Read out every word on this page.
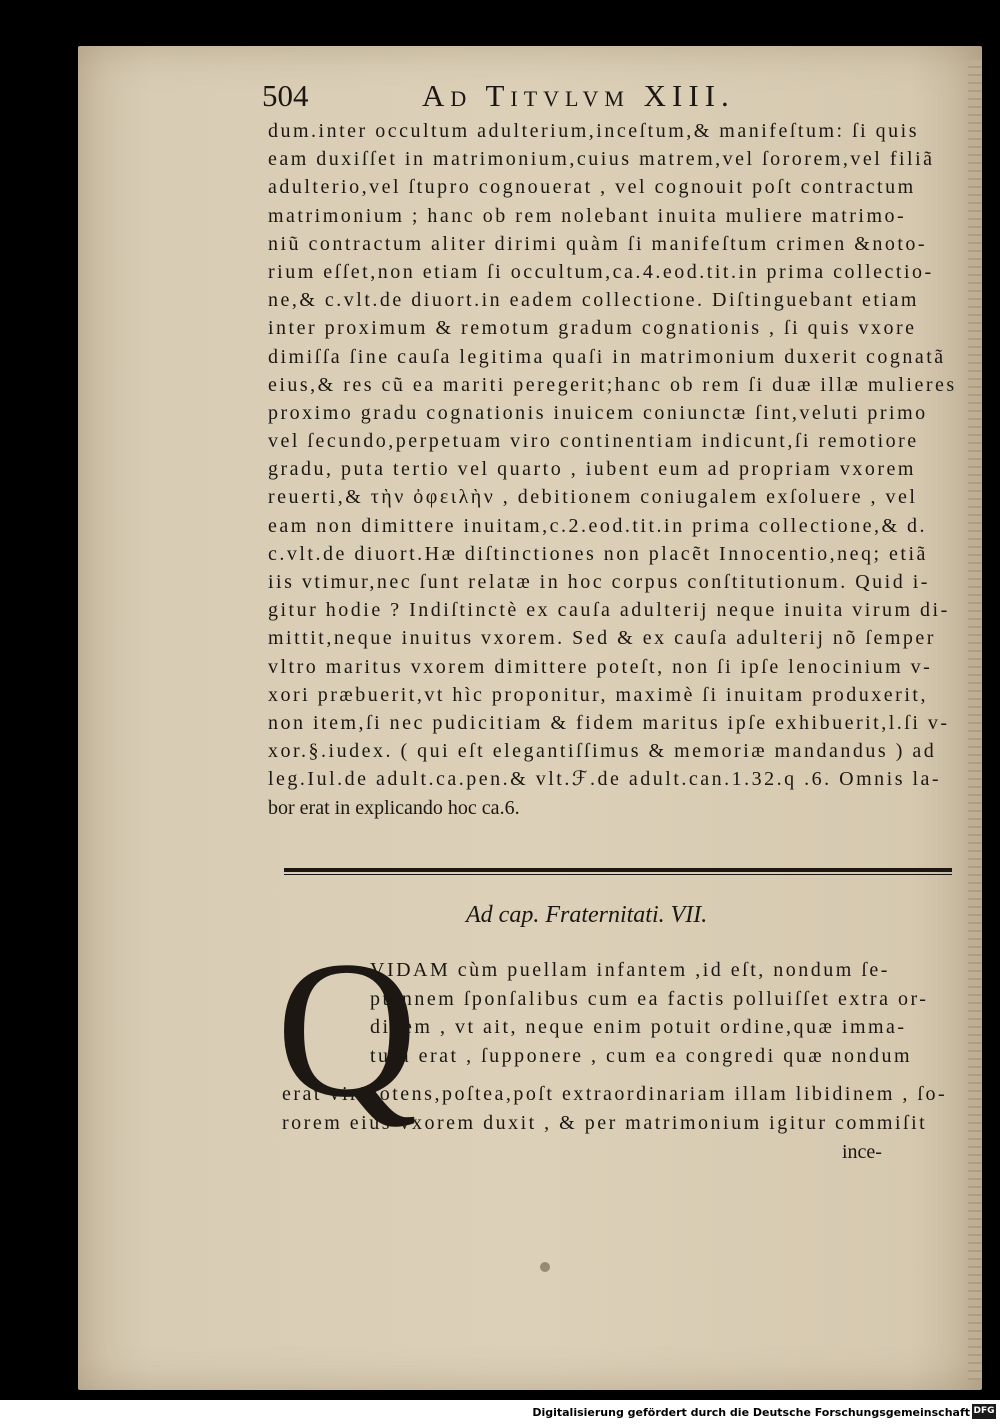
504	Ad Titvlvm XIII.
dum.inter occultum adulterium,inceſtum,& manifeſtum: ſi quis
eam duxiſſet in matrimonium,cuius matrem,vel ſororem,vel filiã
adulterio,vel ſtupro cognouerat , vel cognouit poſt contractum
matrimonium ; hanc ob rem nolebant inuita muliere matrimo-
niũ contractum aliter dirimi quàm ſi manifeſtum crimen &noto-
rium eſſet,non etiam ſi occultum,ca.4.eod.tit.in prima collectio-
ne,& c.vlt.de diuort.in eadem collectione. Diſtinguebant etiam
inter proximum & remotum gradum cognationis , ſi quis vxore
dimiſſa ſine cauſa legitima quaſi in matrimonium duxerit cognatã
eius,& res cũ ea mariti peregerit;hanc ob rem ſi duæ illæ mulieres
proximo gradu cognationis inuicem coniunctæ ſint,veluti primo
vel ſecundo,perpetuam viro continentiam indicunt,ſi remotiore
gradu, puta tertio vel quarto , iubent eum ad propriam vxorem
reuerti,& τὴν ὀφειλὴν , debitionem coniugalem exſoluere , vel
eam non dimittere inuitam,c.2.eod.tit.in prima collectione,& d.
c.vlt.de diuort.Hæ diſtinctiones non placẽt Innocentio,neq; etiã
iis vtimur,nec ſunt relatæ in hoc corpus conſtitutionum. Quid i-
gitur hodie ? Indiſtinctè ex cauſa adulterij neque inuita virum di-
mittit,neque inuitus vxorem. Sed & ex cauſa adulterij nõ ſemper
vltro maritus vxorem dimittere poteſt, non ſi ipſe lenocinium v-
xori præbuerit,vt hìc proponitur, maximè ſi inuitam produxerit,
non item,ſi nec pudicitiam & fidem maritus ipſe exhibuerit,l.ſi v-
xor.§.iudex. ( qui eſt elegantiſſimus & memoriæ mandandus ) ad
leg.Iul.de adult.ca.pen.& vlt.ℱ.de adult.can.1.32.q .6. Omnis la-
bor erat in explicando hoc ca.6.
Ad cap. Fraternitati. VII.
Q
VIDAM cùm puellam infantem ,id eſt, nondum ſe-
ptennem ſponſalibus cum ea factis polluiſſet extra or-
dinem , vt ait, neque enim potuit ordine,quæ imma-
tura erat , ſupponere , cum ea congredi quæ nondum
erat viripotens,poſtea,poſt extraordinariam illam libidinem , ſo-
rorem eius vxorem duxit , & per matrimonium igitur commiſit
ince-
Digitalisierung gefördert durch die Deutsche Forschungsgemeinschaft DFG
